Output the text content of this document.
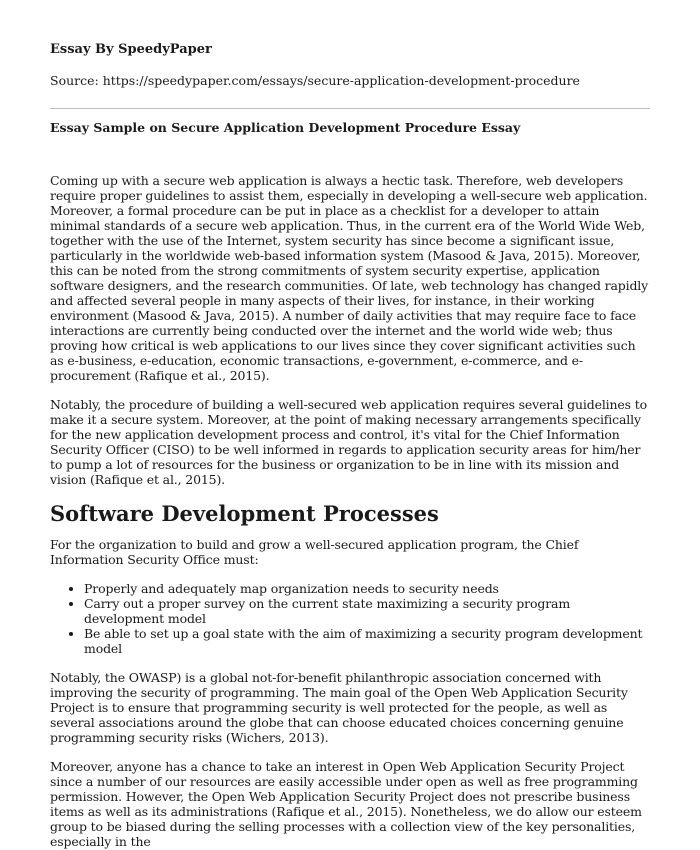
Essay By SpeedyPaper
Source: https://speedypaper.com/essays/secure-application-development-procedure
Essay Sample on Secure Application Development Procedure Essay

Coming up with a secure web application is always a hectic task. Therefore, web developers require proper guidelines to assist them, especially in developing a well-secure web application. Moreover, a formal procedure can be put in place as a checklist for a developer to attain minimal standards of a secure web application. Thus, in the current era of the World Wide Web, together with the use of the Internet, system security has since become a significant issue, particularly in the worldwide web-based information system (Masood & Java, 2015). Moreover, this can be noted from the strong commitments of system security expertise, application software designers, and the research communities. Of late, web technology has changed rapidly and affected several people in many aspects of their lives, for instance, in their working environment (Masood & Java, 2015). A number of daily activities that may require face to face interactions are currently being conducted over the internet and the world wide web; thus proving how critical is web applications to our lives since they cover significant activities such as e-business, e-education, economic transactions, e-government, e-commerce, and e-procurement (Rafique et al., 2015).

Notably, the procedure of building a well-secured web application requires several guidelines to make it a secure system. Moreover, at the point of making necessary arrangements specifically for the new application development process and control, it's vital for the Chief Information Security Officer (CISO) to be well informed in regards to application security areas for him/her to pump a lot of resources for the business or organization to be in line with its mission and vision (Rafique et al., 2015).

Software Development Processes

For the organization to build and grow a well-secured application program, the Chief Information Security Office must:

• Properly and adequately map organization needs to security needs
• Carry out a proper survey on the current state maximizing a security program development model
• Be able to set up a goal state with the aim of maximizing a security program development model

Notably, the OWASP) is a global not-for-benefit philanthropic association concerned with improving the security of programming. The main goal of the Open Web Application Security Project is to ensure that programming security is well protected for the people, as well as several associations around the globe that can choose educated choices concerning genuine programming security risks (Wichers, 2013).

Moreover, anyone has a chance to take an interest in Open Web Application Security Project since a number of our resources are easily accessible under open as well as free programming permission. However, the Open Web Application Security Project does not prescribe business items as well as its administrations (Rafique et al., 2015). Nonetheless, we do allow our esteem group to be biased during the selling processes with a collection view of the key personalities, especially in the
